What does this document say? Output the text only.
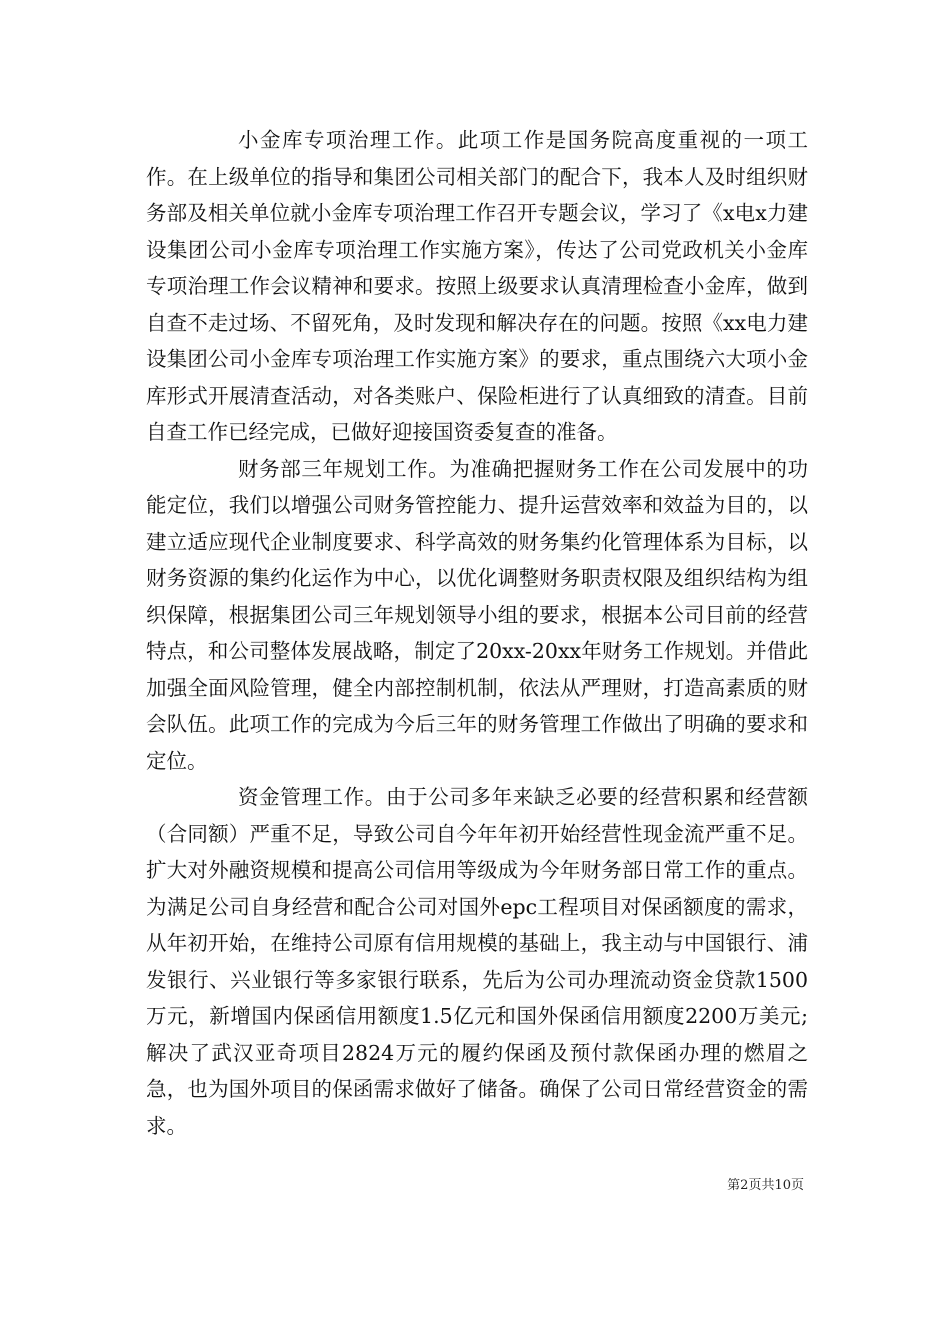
小金库专项治理工作。此项工作是国务院高度重视的一项工作。在上级单位的指导和集团公司相关部门的配合下，我本人及时组织财务部及相关单位就小金库专项治理工作召开专题会议，学习了《x电x力建设集团公司小金库专项治理工作实施方案》，传达了公司党政机关小金库专项治理工作会议精神和要求。按照上级要求认真清理检查小金库，做到自查不走过场、不留死角，及时发现和解决存在的问题。按照《xx电力建设集团公司小金库专项治理工作实施方案》的要求，重点围绕六大项小金库形式开展清查活动，对各类账户、保险柜进行了认真细致的清查。目前自查工作已经完成，已做好迎接国资委复查的准备。

财务部三年规划工作。为准确把握财务工作在公司发展中的功能定位，我们以增强公司财务管控能力、提升运营效率和效益为目的，以建立适应现代企业制度要求、科学高效的财务集约化管理体系为目标，以财务资源的集约化运作为中心，以优化调整财务职责权限及组织结构为组织保障，根据集团公司三年规划领导小组的要求，根据本公司目前的经营特点，和公司整体发展战略，制定了20xx-20xx年财务工作规划。并借此加强全面风险管理，健全内部控制机制，依法从严理财，打造高素质的财会队伍。此项工作的完成为今后三年的财务管理工作做出了明确的要求和定位。

资金管理工作。由于公司多年来缺乏必要的经营积累和经营额（合同额）严重不足，导致公司自今年年初开始经营性现金流严重不足。扩大对外融资规模和提高公司信用等级成为今年财务部日常工作的重点。为满足公司自身经营和配合公司对国外epc工程项目对保函额度的需求，从年初开始，在维持公司原有信用规模的基础上，我主动与中国银行、浦发银行、兴业银行等多家银行联系，先后为公司办理流动资金贷款1500万元，新增国内保函信用额度1.5亿元和国外保函信用额度2200万美元;解决了武汉亚奇项目2824万元的履约保函及预付款保函办理的燃眉之急，也为国外项目的保函需求做好了储备。确保了公司日常经营资金的需求。

第2页共10页
